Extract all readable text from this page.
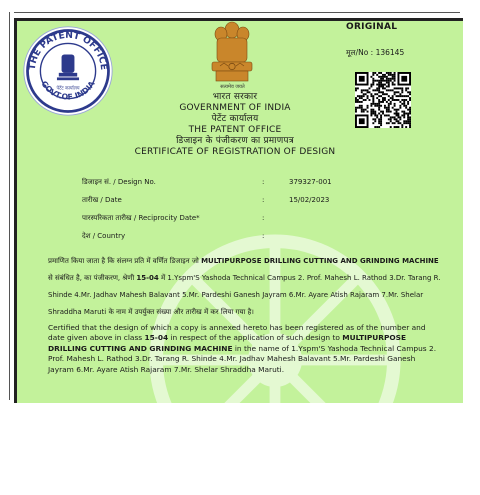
THE PATENT OFFICE
GOVT.OF INDIA
पेटेंट कार्यालय	सत्यमेव जयते
ORIGINAL
मूल/No : 136145
भारत सरकार
GOVERNMENT OF INDIA
पेटेंट कार्यालय
THE PATENT OFFICE
डिजाइन के पंजीकरण का प्रमाणपत्र
CERTIFICATE OF REGISTRATION OF DESIGN
डिजाइन सं. / Design No.	:	379327-001
तारीख / Date	:	15/02/2023
पारस्परिकता तारीख / Reciprocity Date*	:
देश / Country	:

प्रमाणित किया जाता है कि संलग्न प्रति में वर्णित डिजाइन जो MULTIPURPOSE DRILLING CUTTING AND GRINDING MACHINE से संबंधित है, का पंजीकरण, श्रेणी 15-04 में 1.Yspm'S Yashoda Technical Campus 2. Prof. Mahesh L. Rathod 3.Dr. Tarang R. Shinde 4.Mr. Jadhav Mahesh Balavant 5.Mr. Pardeshi Ganesh Jayram 6.Mr. Ayare Atish Rajaram 7.Mr. Shelar Shraddha Maruti के नाम में उपर्युक्त संख्या और तारीख में कर लिया गया है।

Certified that the design of which a copy is annexed hereto has been registered as of the number and date given above in class 15-04 in respect of the application of such design to MULTIPURPOSE DRILLING CUTTING AND GRINDING MACHINE in the name of 1.Yspm'S Yashoda Technical Campus 2. Prof. Mahesh L. Rathod 3.Dr. Tarang R. Shinde 4.Mr. Jadhav Mahesh Balavant 5.Mr. Pardeshi Ganesh Jayram 6.Mr. Ayare Atish Rajaram 7.Mr. Shelar Shraddha Maruti.
